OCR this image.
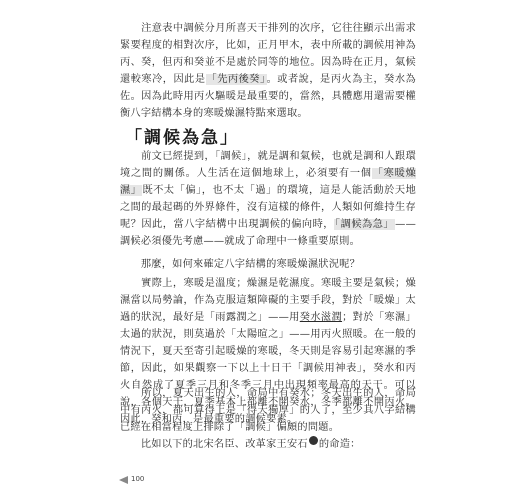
　　注意表中調候分月所喜天干排列的次序，它往往顯示出需求緊要程度的相對次序，比如，正月甲木，表中所載的調候用神為丙、癸，但丙和癸並不是處於同等的地位。因為時在正月，氣候還較寒冷，因此是「先丙後癸」。或者說，是丙火為主，癸水為佐。因為此時用丙火驅暖是最重要的，當然，具體應用還需要權衡八字結構本身的寒暖燥濕特點來選取。

「調候為急」

　　前文已經提到，「調候」，就是調和氣候，也就是調和人跟環境之間的關係。人生活在這個地球上，必須要有一個「寒暖燥濕」既不太「偏」，也不太「過」的環境，這是人能活動於天地之間的最起碼的外界條件，沒有這樣的條件，人類如何維持生存呢？因此，當八字結構中出現調候的偏向時，「調候為急」——調候必須優先考慮——就成了命理中一條重要原則。

　　那麼，如何來確定八字結構的寒暖燥濕狀況呢？

　　實際上，寒暖是溫度；燥濕是乾濕度。寒暖主要是氣候；燥濕當以局勢論，作為克服這類障礙的主要手段，對於「暖燥」太過的狀況，最好是「雨露潤之」——用癸水滋潤；對於「寒濕」太過的狀況，則莫過於「太陽暄之」——用丙火照暖。在一般的情況下，夏天至寄引起暖燥的寒暖，冬天則是容易引起寒濕的季節，因此，如果觀察一下以上十日干「調候用神表」，癸水和丙火自然成了夏季三月和冬季三月中出現頻率最高的天干。可以說，各個天干，夏季基本上都離不開癸水，冬季都離不開丙火。因此，癸和丙，是最重要的調候要素。

　　所以，夏天出生的人，命局中有癸水；冬天出生的人，命局中有丙火，都可算得上是「得天獨厚」的人了，至少其八字結構已經在相當程度上排除了「調候」偏頗的問題。

　　比如以下的北宋名臣、改革家王安石 的命造：

100
